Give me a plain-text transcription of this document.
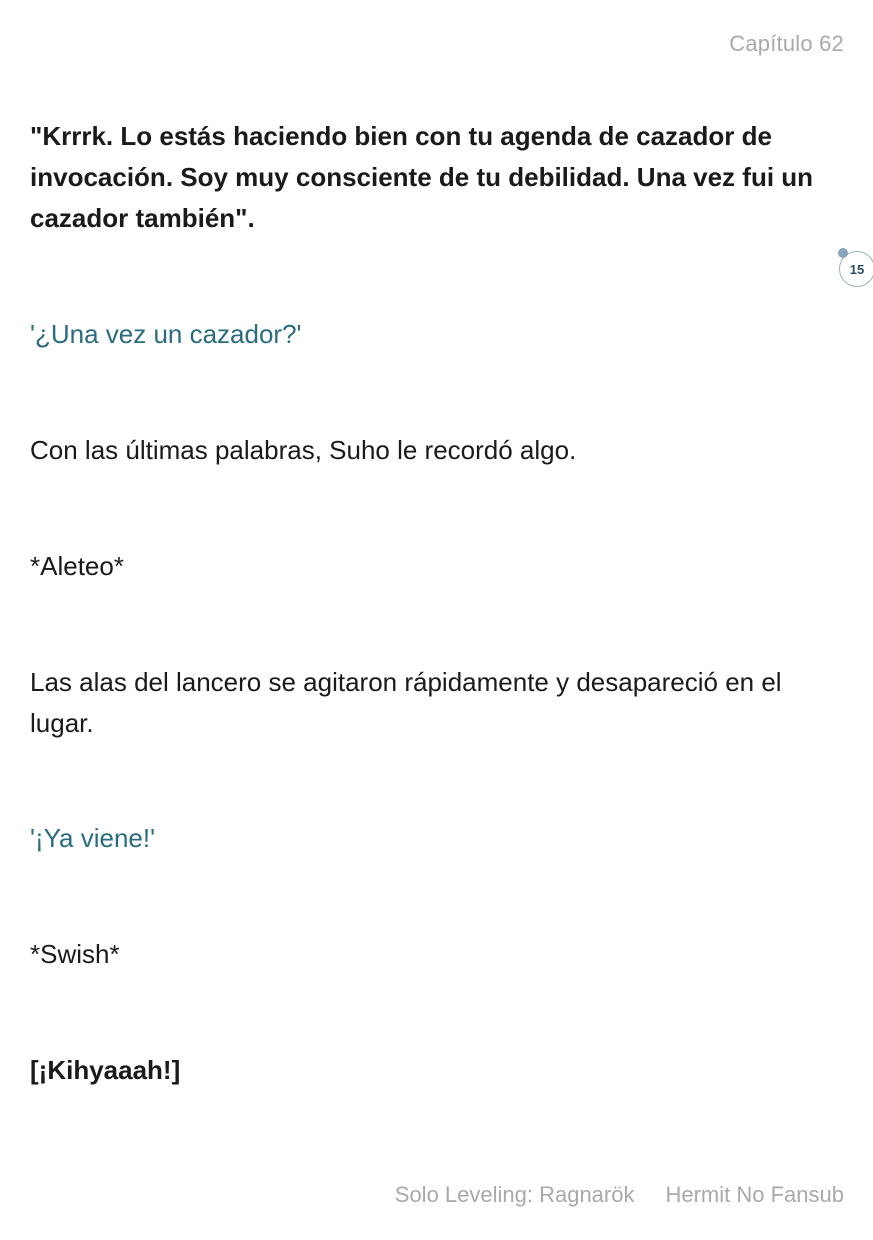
Capítulo 62
15
"Krrrk. Lo estás haciendo bien con tu agenda de cazador de invocación. Soy muy consciente de tu debilidad. Una vez fui un cazador también".
'¿Una vez un cazador?'
Con las últimas palabras, Suho le recordó algo.
*Aleteo*
Las alas del lancero se agitaron rápidamente y desapareció en el lugar.
'¡Ya viene!'
*Swish*
[¡Kihyaaah!]
Solo Leveling: Ragnarök Hermit No Fansub
